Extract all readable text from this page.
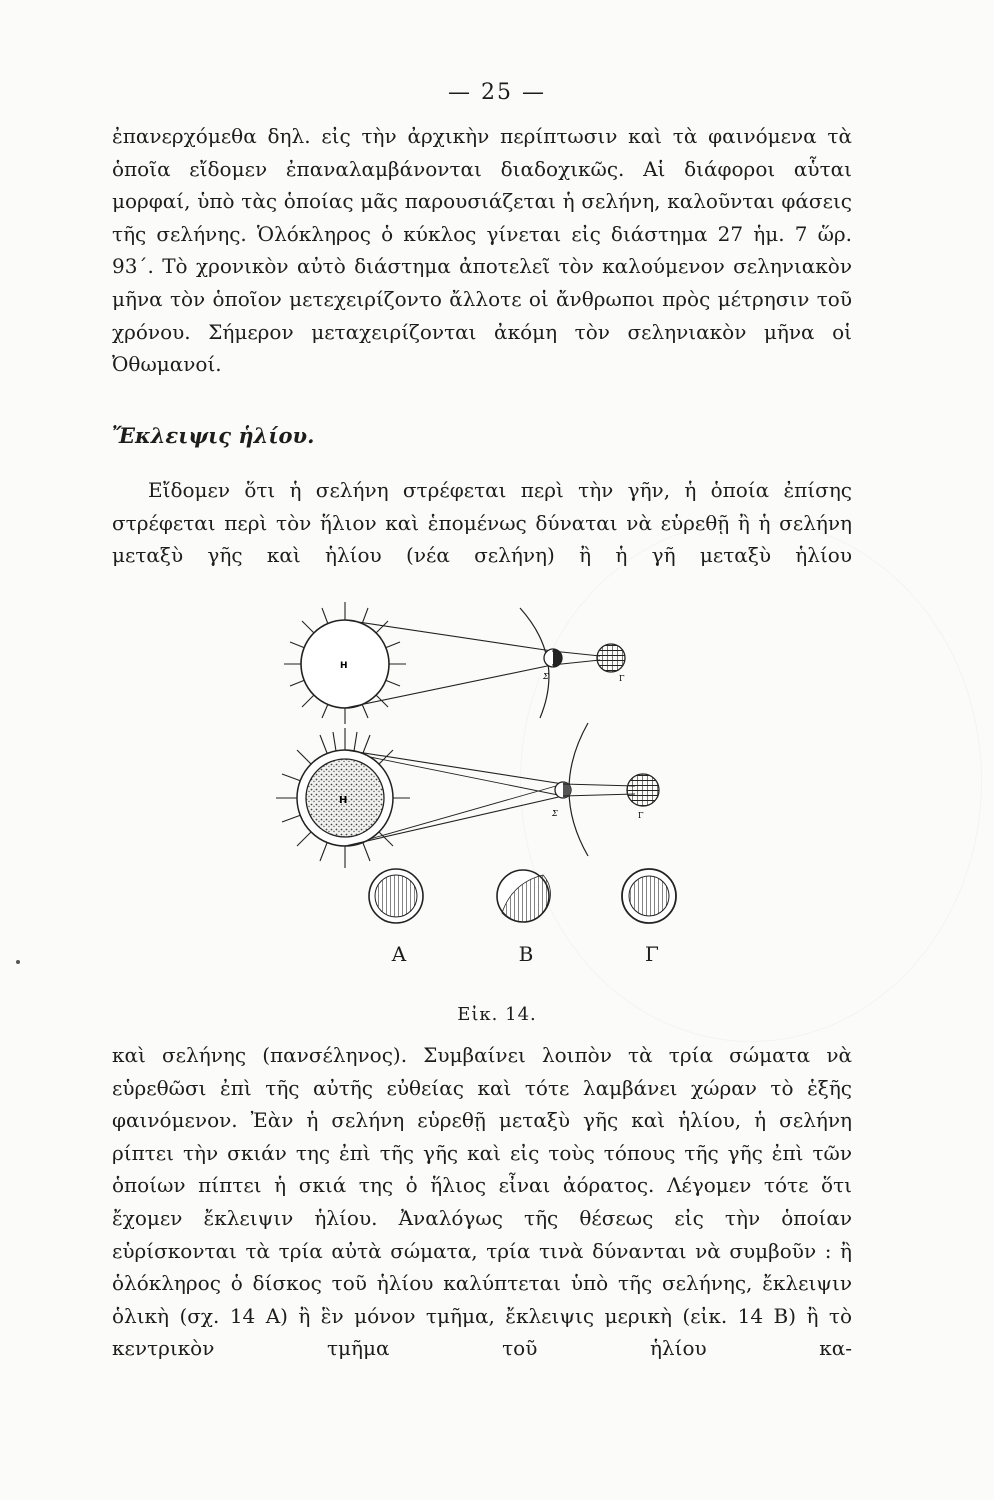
— 25 —

ἐπανερχόμεθα δηλ. εἰς τὴν ἀρχικὴν περίπτωσιν καὶ τὰ φαινόμενα τὰ ὁποῖα εἴδομεν ἐπαναλαμβάνονται διαδοχικῶς. Αἱ διάφοροι αὗται μορφαί, ὑπὸ τὰς ὁποίας μᾶς παρουσιάζεται ἡ σελήνη, καλοῦνται φάσεις τῆς σελήνης. Ὁλόκληρος ὁ κύκλος γίνεται εἰς διάστημα 27 ἡμ. 7 ὥρ. 93΄. Τὸ χρονικὸν αὐτὸ διάστημα ἀποτελεῖ τὸν καλούμενον σεληνιακὸν μῆνα τὸν ὁποῖον μετεχειρίζοντο ἄλλοτε οἱ ἄνθρωποι πρὸς μέτρησιν τοῦ χρόνου. Σήμερον μεταχειρίζονται ἀκόμη τὸν σεληνιακὸν μῆνα οἱ Ὀθωμανοί.

Ἔκλειψις ἡλίου.

Εἴδομεν ὅτι ἡ σελήνη στρέφεται περὶ τὴν γῆν, ἡ ὁποία ἐπίσης στρέφεται περὶ τὸν ἥλιον καὶ ἑπομένως δύναται νὰ εὑρεθῇ ἢ ἡ σελήνη μεταξὺ γῆς καὶ ἡλίου (νέα σελήνη) ἢ ἡ γῆ μεταξὺ ἡλίου

Η
Σ	Γ
Η
Σ	Γ
Α	Β	Γ
Εἰκ. 14.

καὶ σελήνης (πανσέληνος). Συμβαίνει λοιπὸν τὰ τρία σώματα νὰ εὑρεθῶσι ἐπὶ τῆς αὐτῆς εὐθείας καὶ τότε λαμβάνει χώραν τὸ ἑξῆς φαινόμενον. Ἐὰν ἡ σελήνη εὑρεθῇ μεταξὺ γῆς καὶ ἡλίου, ἡ σελήνη ρίπτει τὴν σκιάν της ἐπὶ τῆς γῆς καὶ εἰς τοὺς τόπους τῆς γῆς ἐπὶ τῶν ὁποίων πίπτει ἡ σκιά της ὁ ἥλιος εἶναι ἀόρατος. Λέγομεν τότε ὅτι ἔχομεν ἔκλειψιν ἡλίου. Ἀναλόγως τῆς θέσεως εἰς τὴν ὁποίαν εὑρίσκονται τὰ τρία αὐτὰ σώματα, τρία τινὰ δύνανται νὰ συμβοῦν : ἢ ὁλόκληρος ὁ δίσκος τοῦ ἡλίου καλύπτεται ὑπὸ τῆς σελήνης, ἔκλειψιν ὁλικὴ (σχ. 14 Α) ἢ ἓν μόνον τμῆμα, ἔκλειψις μερικὴ (εἰκ. 14 Β) ἢ τὸ κεντρικὸν τμῆμα τοῦ ἡλίου κα-
